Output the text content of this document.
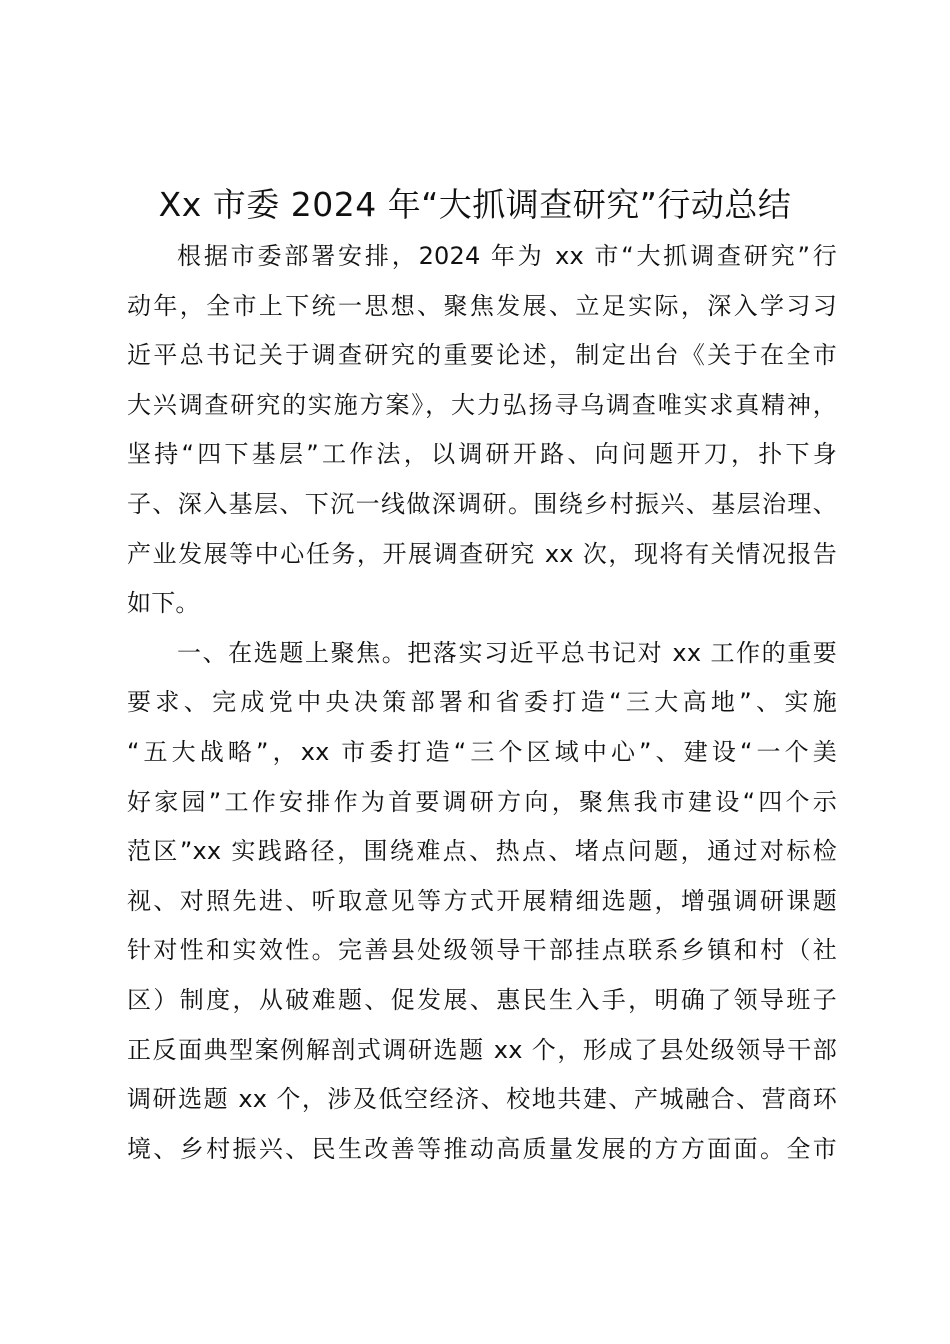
Xx 市委 2024 年“大抓调查研究”行动总结
根据市委部署安排，2024 年为 xx 市“大抓调查研究”行
动年，全市上下统一思想、聚焦发展、立足实际，深入学习习
近平总书记关于调查研究的重要论述，制定出台《关于在全市
大兴调查研究的实施方案》，大力弘扬寻乌调查唯实求真精神，
坚持“四下基层”工作法，以调研开路、向问题开刀，扑下身
子、深入基层、下沉一线做深调研。围绕乡村振兴、基层治理、
产业发展等中心任务，开展调查研究 xx 次，现将有关情况报告
如下。
一、在选题上聚焦。把落实习近平总书记对 xx 工作的重要
要求、完成党中央决策部署和省委打造“三大高地”、实施
“五大战略”，xx 市委打造“三个区域中心”、建设“一个美
好家园”工作安排作为首要调研方向，聚焦我市建设“四个示
范区”xx 实践路径，围绕难点、热点、堵点问题，通过对标检
视、对照先进、听取意见等方式开展精细选题，增强调研课题
针对性和实效性。完善县处级领导干部挂点联系乡镇和村（社
区）制度，从破难题、促发展、惠民生入手，明确了领导班子
正反面典型案例解剖式调研选题 xx 个，形成了县处级领导干部
调研选题 xx 个，涉及低空经济、校地共建、产城融合、营商环
境、乡村振兴、民生改善等推动高质量发展的方方面面。全市
